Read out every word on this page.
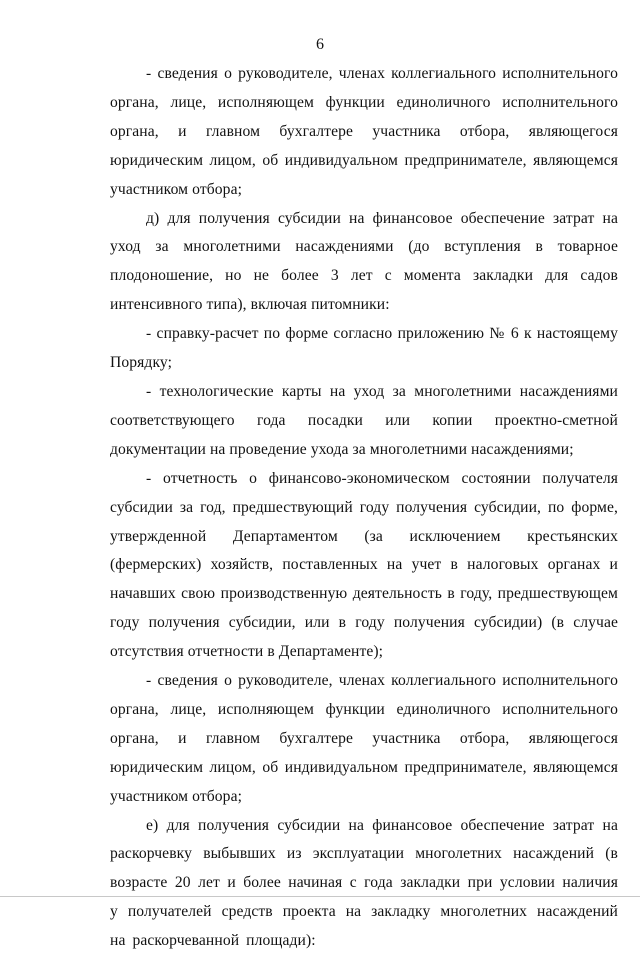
6

- сведения о руководителе, членах коллегиального исполнительного органа, лице, исполняющем функции единоличного исполнительного органа, и главном бухгалтере участника отбора, являющегося юридическим лицом, об индивидуальном предпринимателе, являющемся участником отбора;

д) для получения субсидии на финансовое обеспечение затрат на уход за многолетними насаждениями (до вступления в товарное плодоношение, но не более 3 лет с момента закладки для садов интенсивного типа), включая питомники:

- справку-расчет по форме согласно приложению № 6 к настоящему Порядку;

- технологические карты на уход за многолетними насаждениями соответствующего года посадки или копии проектно-сметной документации на проведение ухода за многолетними насаждениями;

- отчетность о финансово-экономическом состоянии получателя субсидии за год, предшествующий году получения субсидии, по форме, утвержденной Департаментом (за исключением крестьянских (фермерских) хозяйств, поставленных на учет в налоговых органах и начавших свою производственную деятельность в году, предшествующем году получения субсидии, или в году получения субсидии) (в случае отсутствия отчетности в Департаменте);

- сведения о руководителе, членах коллегиального исполнительного органа, лице, исполняющем функции единоличного исполнительного органа, и главном бухгалтере участника отбора, являющегося юридическим лицом, об индивидуальном предпринимателе, являющемся участником отбора;

е) для получения субсидии на финансовое обеспечение затрат на раскорчевку выбывших из эксплуатации многолетних насаждений (в возрасте 20 лет и более начиная с года закладки при условии наличия у получателей средств проекта на закладку многолетних насаждений на раскорчеванной площади):
